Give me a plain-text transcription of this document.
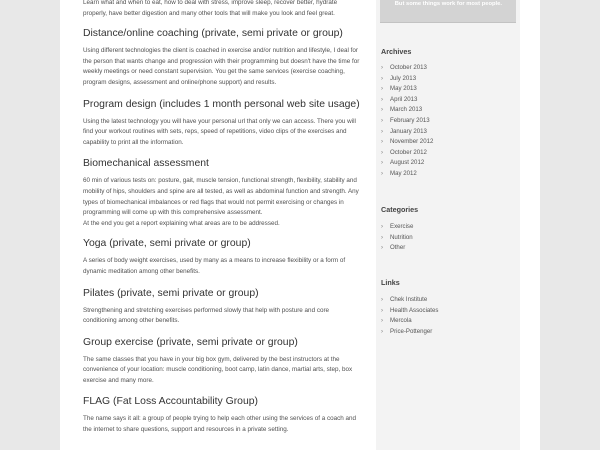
Learn what and when to eat, how to deal with stress, improve sleep, recover better, hydrate properly, have better digestion and many other tools that will make you look and feel great.

Distance/online coaching (private, semi private or group)

Using different technologies the client is coached in exercise and/or nutrition and lifestyle, I deal for the person that wants change and progression with their programming but doesn't have the time for weekly meetings or need constant supervision. You get the same services (exercise coaching, program designs, assessment and online/phone support) and results.

Program design (includes 1 month personal web site usage)

Using the latest technology you will have your personal url that only we can access. There you will find your workout routines with sets, reps, speed of repetitions, video clips of the exercises and capability to print all the information.

Biomechanical assessment

60 min of various tests on: posture, gait, muscle tension, functional strength, flexibility, stability and mobility of hips, shoulders and spine are all tested, as well as abdominal function and strength. Any types of biomechanical imbalances or red flags that would not permit exercising or changes in programming will come up with this comprehensive assessment.

At the end you get a report explaining what areas are to be addressed.

Yoga (private, semi private or group)

A series of body weight exercises, used by many as a means to increase flexibility or a form of dynamic meditation among other benefits.

Pilates (private, semi private or group)

Strengthening and stretching exercises performed slowly that help with posture and core conditioning among other benefits.

Group exercise (private, semi private or group)

The same classes that you have in your big box gym, delivered by the best instructors at the convenience of your location: muscle conditioning, boot camp, latin dance, martial arts, step, box exercise and many more.

FLAG (Fat Loss Accountability Group)

The name says it all: a group of people trying to help each other using the services of a coach and the internet to share questions, support and resources in a private setting.

But some things work for most people.
Archives
› October 2013
› July 2013
› May 2013
› April 2013
› March 2013
› February 2013
› January 2013
› November 2012
› October 2012
› August 2012
› May 2012
Categories
› Exercise
› Nutrition
› Other
Links
› Chek Institute
› Health Associates
› Mercola
› Price-Pottenger
